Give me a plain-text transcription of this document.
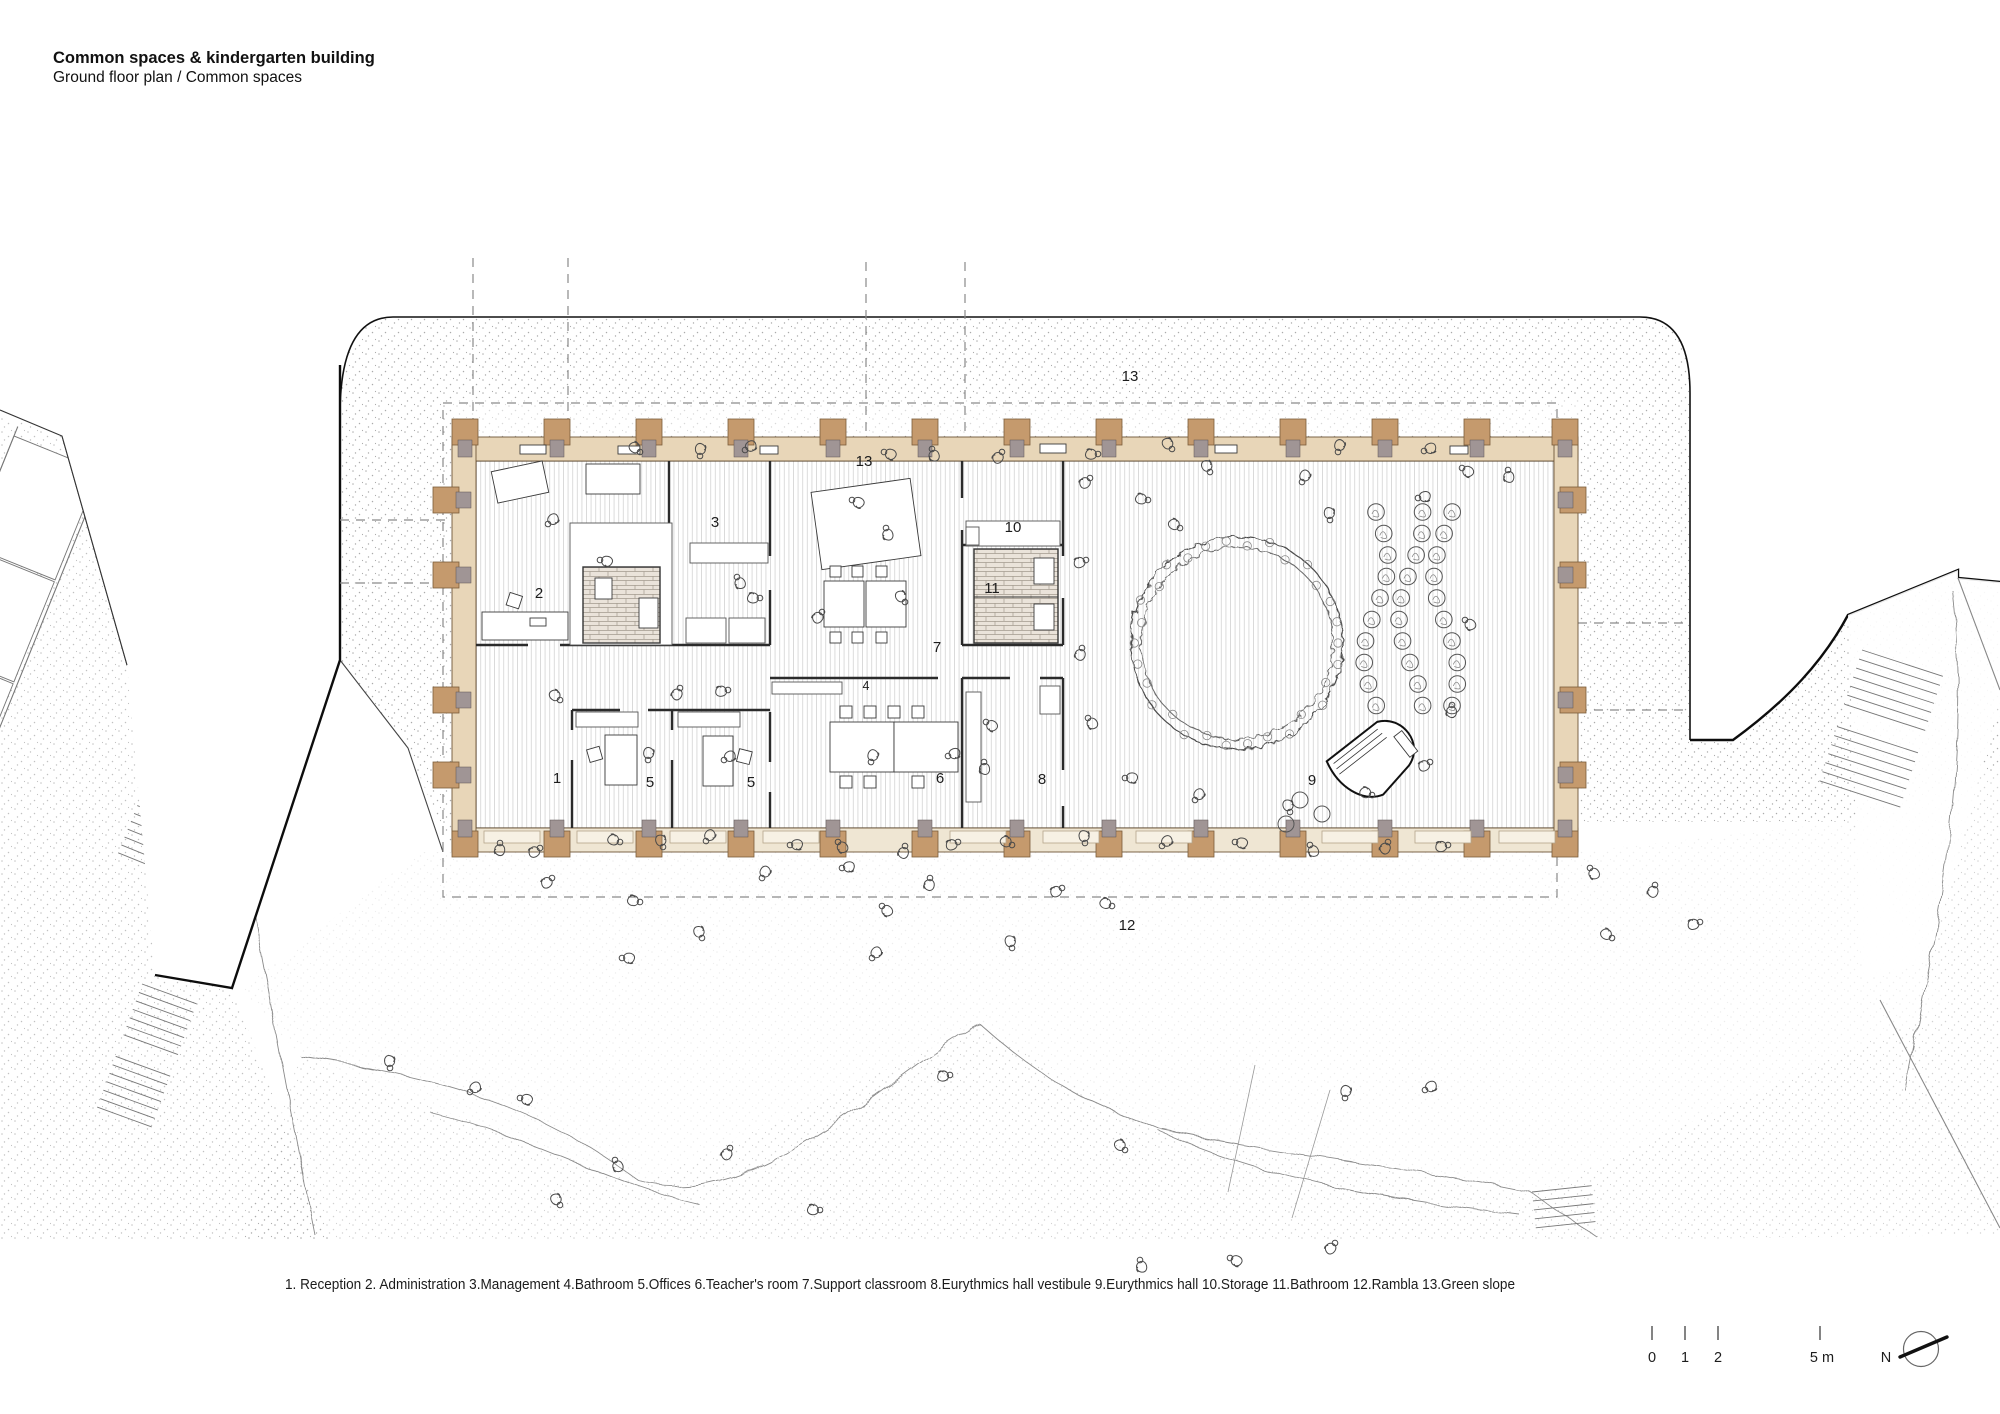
Common spaces & kindergarten building
Ground floor plan / Common spaces
1
2
3
4
5	5	6
7
8	9
10
11
12
13
13
1. Reception 2. Administration 3.Management 4.Bathroom 5.Offices 6.Teacher's room 7.Support classroom 8.Eurythmics hall vestibule 9.Eurythmics hall 10.Storage 11.Bathroom 12.Rambla 13.Green slope
0 1 2	5 m	N
